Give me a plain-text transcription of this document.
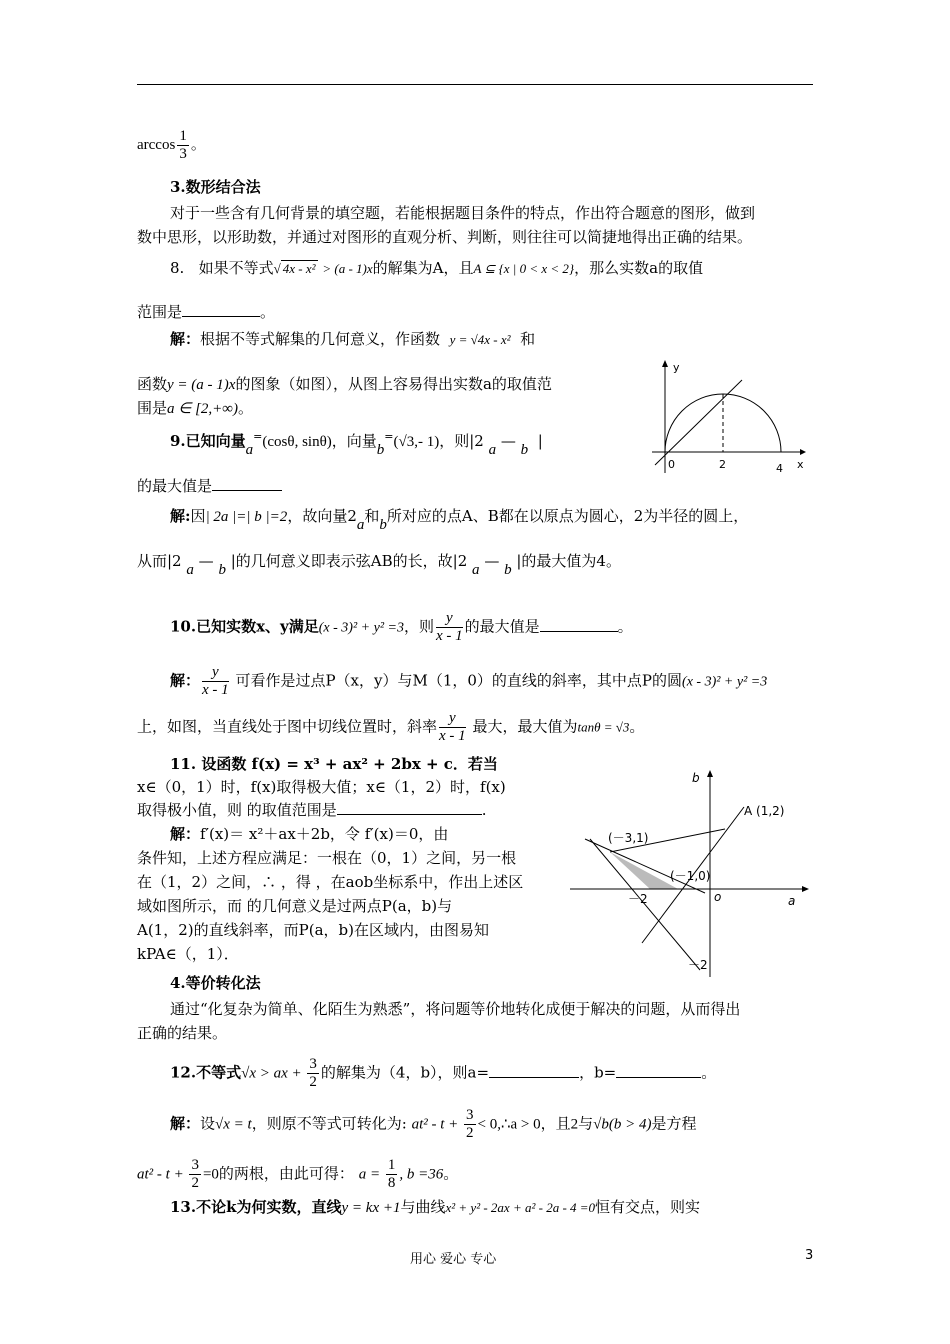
$\arccos \frac{1}{3}$ 。
3.数形结合法
对于一些含有几何背景的填空题，若能根据题目条件的特点，作出符合题意的图形，做到
数中思形，以形助数，并通过对图形的直观分析、判断，则往往可以简捷地得出正确的结果。
8. 如果不等式√ 4x - x² > (a - 1)x的解集为A，且A ⊆ {x | 0 < x < 2}，那么实数a的取值
范围是	。
解：根据不等式解集的几何意义，作函数 y = √4x - x² 和
函数y = (a - 1)x的图象（如图），从图上容易得出实数a的取值范
围是a ∈ [2,+∞)。
y
x
0	2	4
9.已知向量a=(cosθ, sinθ)，向量b=(√3,- 1)，则|2 a — b |
的最大值是
解:因| 2a |=| b |=2，故向量2a和b所对应的点A、B都在以原点为圆心，2为半径的圆上，
从而|2 a — b |的几何意义即表示弦AB的长，故|2 a — b |的最大值为4。
10.已知实数x、y满足(x - 3)² + y² =3，则 $\frac{y}{x - 1}$ 的最大值是	。
解： $\frac{y}{x - 1}$ 可看作是过点P（x，y）与M（1，0）的直线的斜率，其中点P的圆(x - 3)² + y² =3
上，如图，当直线处于图中切线位置时，斜率 $\frac{y}{x - 1}$ 最大，最大值为tanθ = √3。
11. 设函数 f(x) = x³ + ax² + 2bx + c．若当
x∈（0，1）时，f(x)取得极大值；x∈（1，2）时，f(x)
取得极小值，则 的取值范围是	.
解：f′(x)＝ x²＋ax＋2b，令 f′(x)＝0，由
条件知，上述方程应满足：一根在（0，1）之间，另一根
在（1，2）之间，∴ ，得 ，在aob坐标系中，作出上述区
域如图所示，而 的几何意义是过两点P(a，b)与
A(1，2)的直线斜率，而P(a，b)在区域内，由图易知
kPA∈（，1）．
b
A (1,2)
(－3,1)
(－1,0)
－2	o	a
－2
4.等价转化法
通过“化复杂为简单、化陌生为熟悉”，将问题等价地转化成便于解决的问题，从而得出
正确的结果。
12.不等式√x > ax + $\frac{3}{2}$ 的解集为（4，b），则a=	，b=	。
解：设√x = t，则原不等式可转化为: $at^2 - t + \frac{3}{2}$ < 0,∴a > 0，且2与√b(b > 4)是方程
$at^2 - t + \frac{3}{2} =0$的两根，由此可得： $a = \frac{1}{8}$ , b =36。
13.不论k为何实数，直线y = kx +1与曲线x² + y² - 2ax + a² - 2a - 4 =0恒有交点，则实
用心 爱心 专心	3
